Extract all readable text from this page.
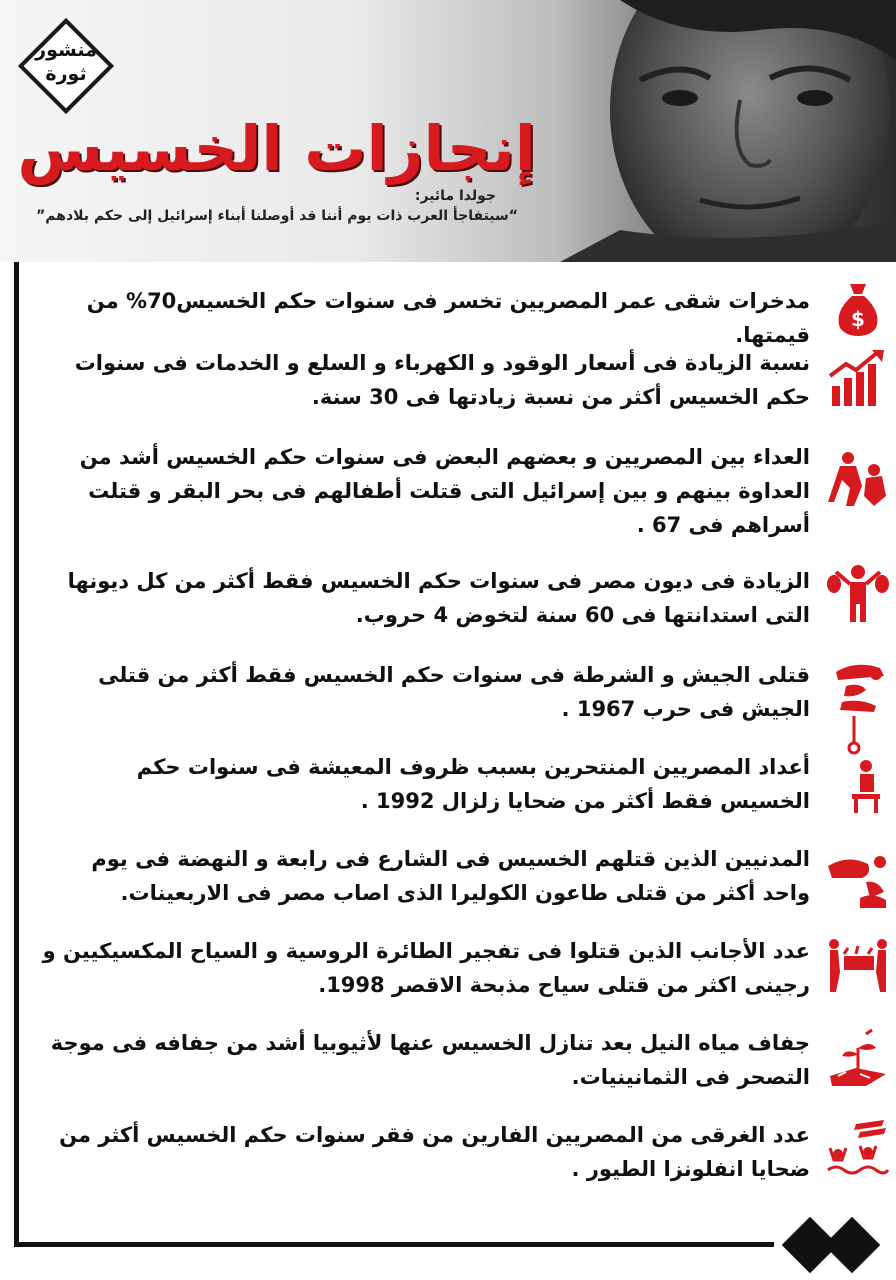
منشور ثورة
إنجازات الخسيس
جولدا مائير:
“سيتفاجأ العرب ذات يوم أننا قد أوصلنا أبناء إسرائيل إلى حكم بلادهم”
مدخرات شقى عمر المصريين تخسر فى سنوات حكم الخسيس70% من قيمتها.
$
نسبة الزيادة فى أسعار الوقود و الكهرباء و السلع و الخدمات فى سنوات حكم الخسيس أكثر من نسبة زيادتها فى 30 سنة.
العداء بين المصريين و بعضهم البعض فى سنوات حكم الخسيس أشد من العداوة بينهم و بين إسرائيل التى قتلت أطفالهم فى بحر البقر و قتلت أسراهم فى 67 .
الزيادة فى ديون مصر فى سنوات حكم الخسيس فقط أكثر من كل ديونها التى استدانتها فى 60 سنة لتخوض 4 حروب.
قتلى الجيش و الشرطة فى سنوات حكم الخسيس فقط أكثر من قتلى الجيش فى حرب 1967 .
أعداد المصريين المنتحرين بسبب ظروف المعيشة فى سنوات حكم الخسيس فقط أكثر من ضحايا زلزال 1992 .
المدنيين الذين قتلهم الخسيس فى الشارع فى رابعة و النهضة فى يوم واحد أكثر من قتلى طاعون الكوليرا الذى اصاب مصر فى الاربعينات.
عدد الأجانب الذين قتلوا فى تفجير الطائرة الروسية و السياح المكسيكيين و رجينى اكثر من قتلى سياح مذبحة الاقصر 1998.
جفاف مياه النيل بعد تنازل الخسيس عنها لأثيوبيا أشد من جفافه فى موجة التصحر فى الثمانينيات.
عدد الغرقى من المصريين الفارين من فقر سنوات حكم الخسيس أكثر من ضحايا انفلونزا الطيور .
